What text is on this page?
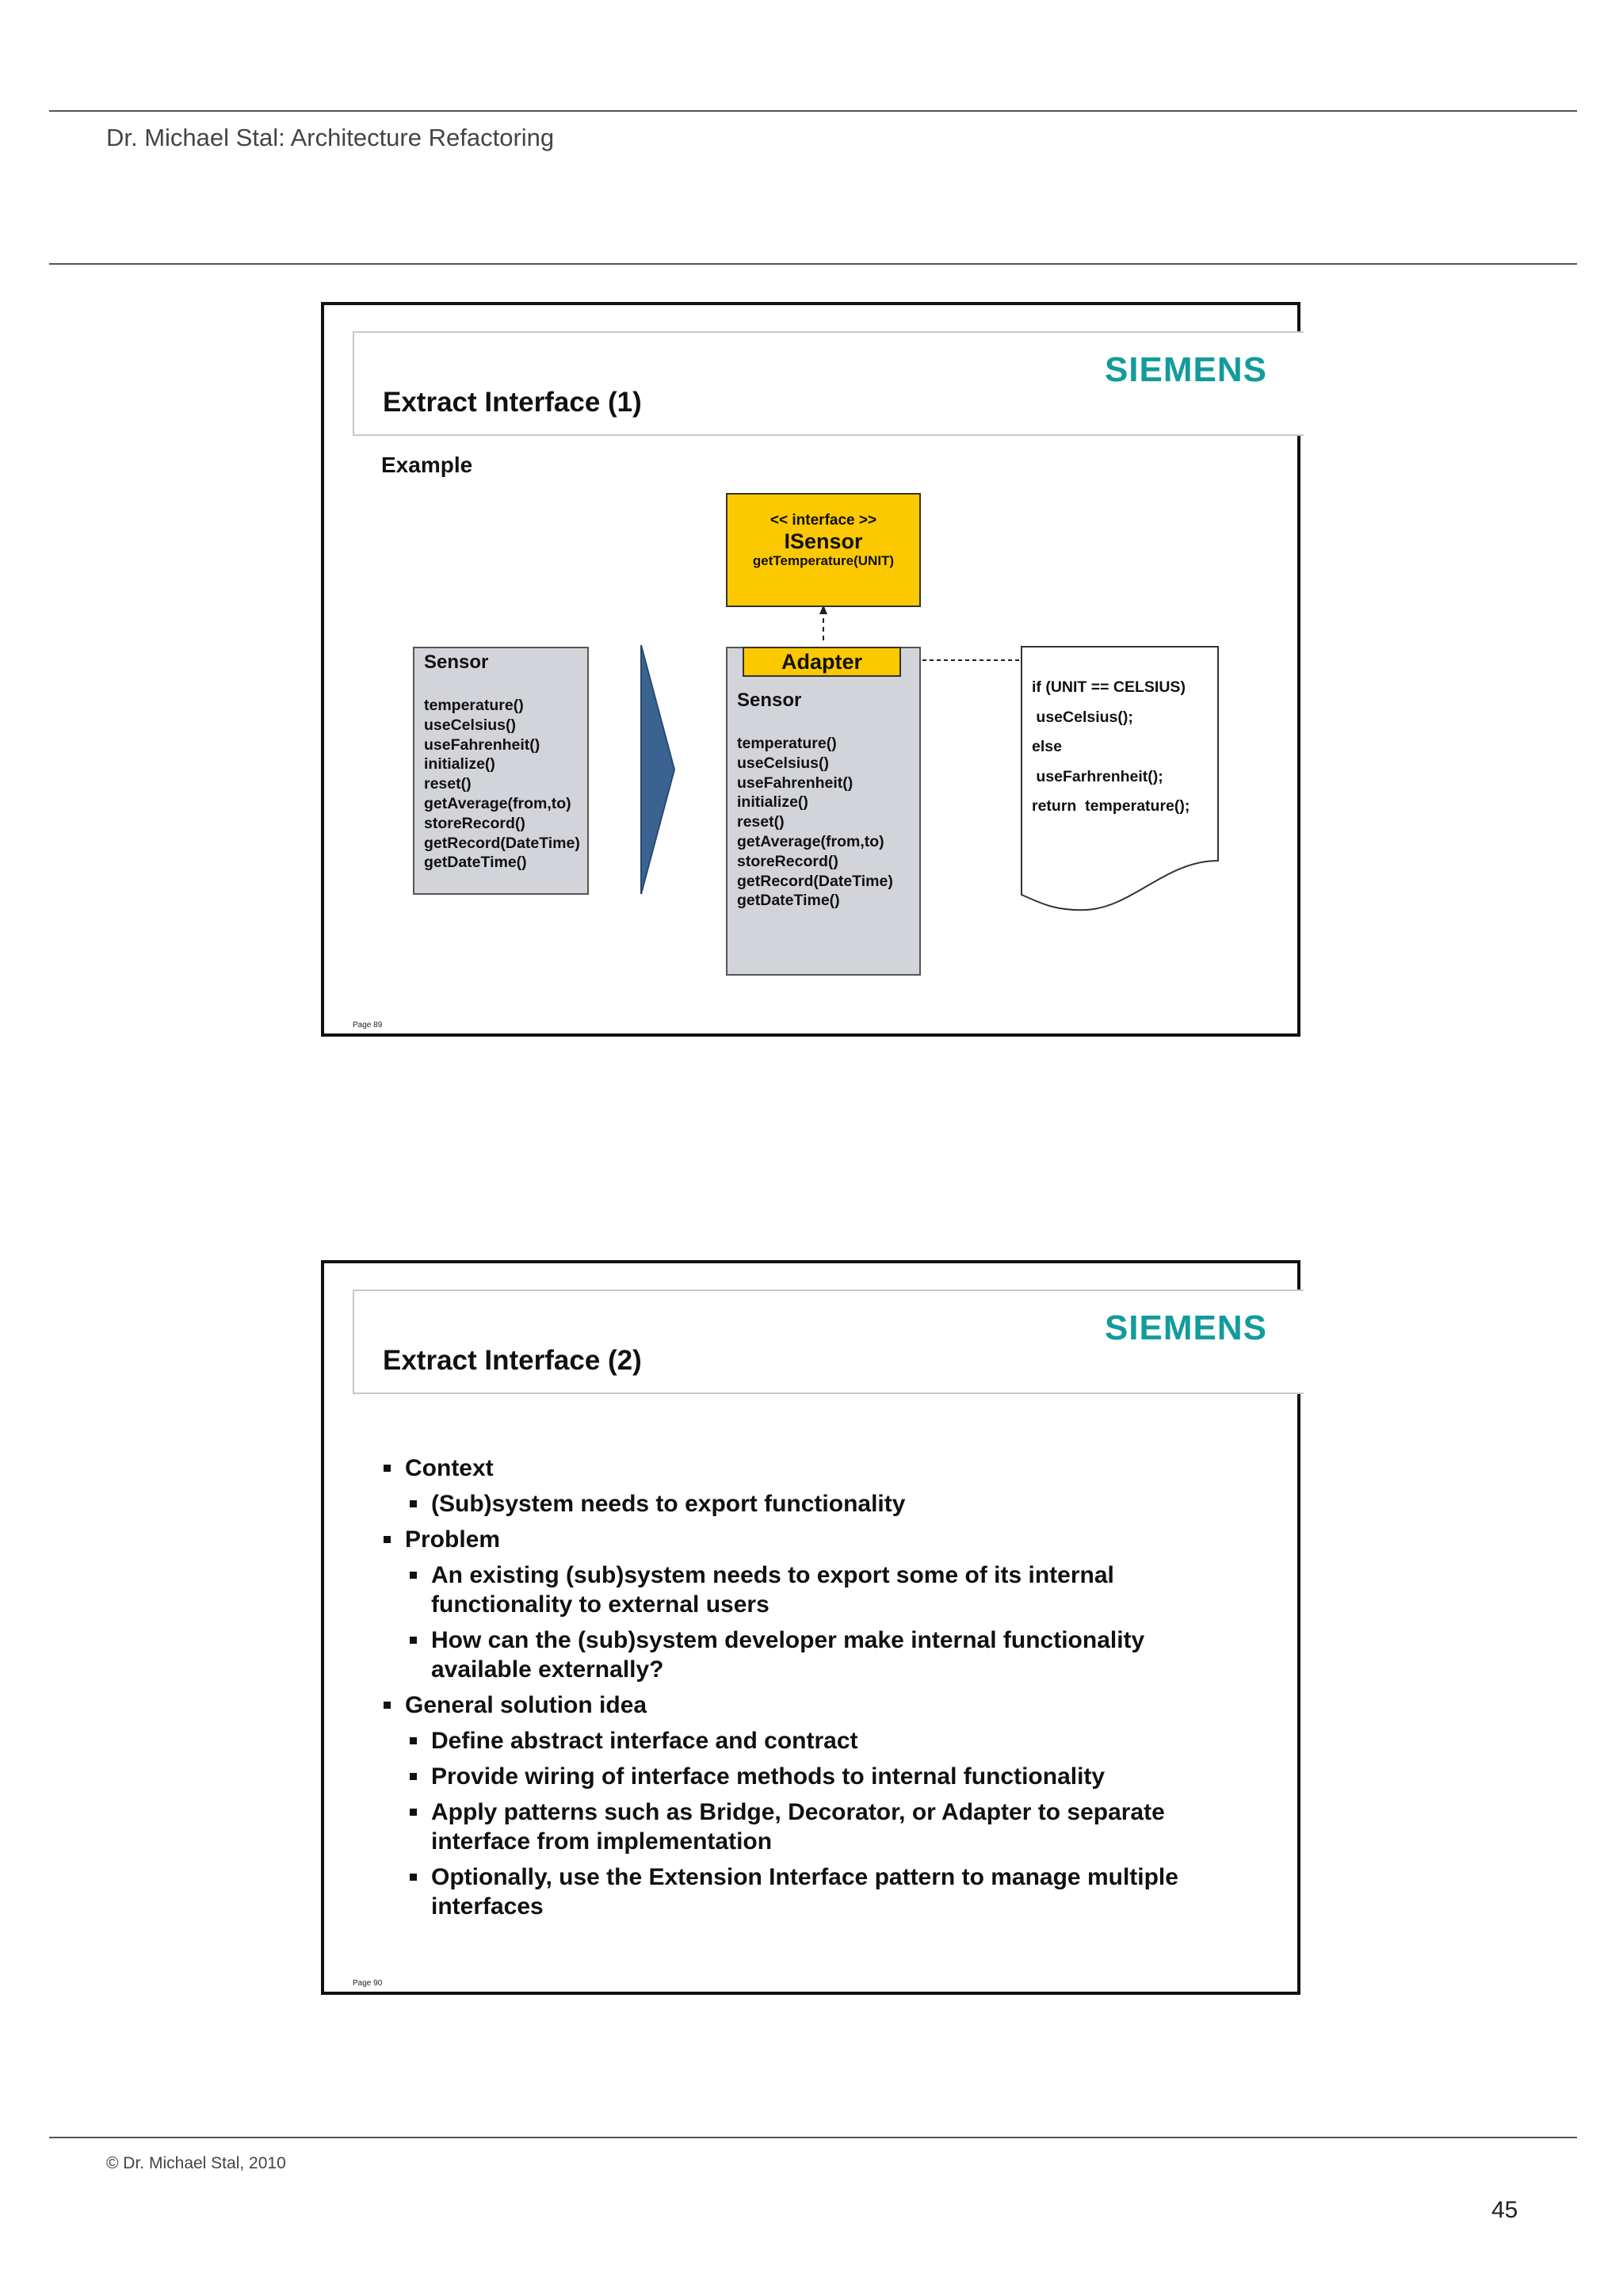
Dr. Michael Stal: Architecture Refactoring
Extract Interface (1)
SIEMENS
Example
<< interface >>
ISensor
getTemperature(UNIT)
Sensor
temperature()
useCelsius()
useFahrenheit()
initialize()
reset()
getAverage(from,to)
storeRecord()
getRecord(DateTime)
getDateTime()
Sensor
temperature()
useCelsius()
useFahrenheit()
initialize()
reset()
getAverage(from,to)
storeRecord()
getRecord(DateTime)
getDateTime()
Adapter
if (UNIT == CELSIUS)
useCelsius();
else
useFarhrenheit();
return  temperature();
Page 89
Extract Interface (2)
SIEMENS
Context
(Sub)system needs to export functionality
Problem
An existing (sub)system needs to export some of its internal functionality to external users
How can the (sub)system developer make internal functionality available externally?
General solution idea
Define abstract interface and contract
Provide wiring of interface methods to internal functionality
Apply patterns such as Bridge, Decorator, or Adapter to separate interface from implementation
Optionally, use the Extension Interface pattern to manage multiple interfaces
Page 90
© Dr. Michael Stal, 2010
45
